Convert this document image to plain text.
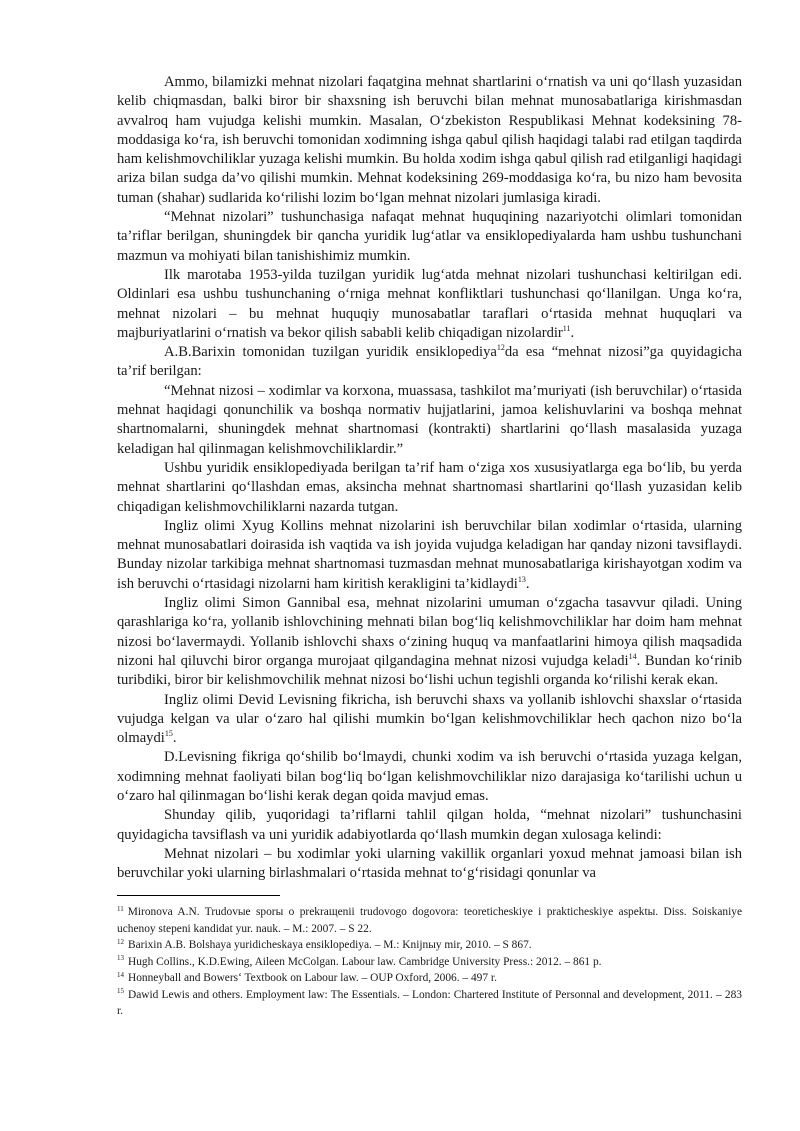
Ammo, bilamizki mehnat nizolari faqatgina mehnat shartlarini o‘rnatish va uni qo‘llash yuzasidan kelib chiqmasdan, balki biror bir shaxsning ish beruvchi bilan mehnat munosabatlariga kirishmasdan avvalroq ham vujudga kelishi mumkin. Masalan, O‘zbekiston Respublikasi Mehnat kodeksining 78-moddasiga ko‘ra, ish beruvchi tomonidan xodimning ishga qabul qilish haqidagi talabi rad etilgan taqdirda ham kelishmovchiliklar yuzaga kelishi mumkin. Bu holda xodim ishga qabul qilish rad etilganligi haqidagi ariza bilan sudga da’vo qilishi mumkin. Mehnat kodeksining 269-moddasiga ko‘ra, bu nizo ham bevosita tuman (shahar) sudlarida ko‘rilishi lozim bo‘lgan mehnat nizolari jumlasiga kiradi.

“Mehnat nizolari” tushunchasiga nafaqat mehnat huquqining nazariyotchi olimlari tomonidan ta’riflar berilgan, shuningdek bir qancha yuridik lug‘atlar va ensiklopediyalarda ham ushbu tushunchani mazmun va mohiyati bilan tanishishimiz mumkin.

Ilk marotaba 1953-yilda tuzilgan yuridik lug‘atda mehnat nizolari tushunchasi keltirilgan edi. Oldinlari esa ushbu tushunchaning o‘rniga mehnat konfliktlari tushunchasi qo‘llanilgan. Unga ko‘ra, mehnat nizolari – bu mehnat huquqiy munosabatlar taraflari o‘rtasida mehnat huquqlari va majburiyatlarini o‘rnatish va bekor qilish sababli kelib chiqadigan nizolardir$^{11}$.

A.B.Barixin tomonidan tuzilgan yuridik ensiklopediya$^{12}$da esa “mehnat nizosi”ga quyidagicha ta’rif berilgan:

“Mehnat nizosi – xodimlar va korxona, muassasa, tashkilot ma’muriyati (ish beruvchilar) o‘rtasida mehnat haqidagi qonunchilik va boshqa normativ hujjatlarini, jamoa kelishuvlarini va boshqa mehnat shartnomalarni, shuningdek mehnat shartnomasi (kontrakti) shartlarini qo‘llash masalasida yuzaga keladigan hal qilinmagan kelishmovchiliklardir.”

Ushbu yuridik ensiklopediyada berilgan ta’rif ham o‘ziga xos xususiyatlarga ega bo‘lib, bu yerda mehnat shartlarini qo‘llashdan emas, aksincha mehnat shartnomasi shartlarini qo‘llash yuzasidan kelib chiqadigan kelishmovchiliklarni nazarda tutgan.

Ingliz olimi Xyug Kollins mehnat nizolarini ish beruvchilar bilan xodimlar o‘rtasida, ularning mehnat munosabatlari doirasida ish vaqtida va ish joyida vujudga keladigan har qanday nizoni tavsiflaydi. Bunday nizolar tarkibiga mehnat shartnomasi tuzmasdan mehnat munosabatlariga kirishayotgan xodim va ish beruvchi o‘rtasidagi nizolarni ham kiritish kerakligini ta’kidlaydi$^{13}$.

Ingliz olimi Simon Gannibal esa, mehnat nizolarini umuman o‘zgacha tasavvur qiladi. Uning qarashlariga ko‘ra, yollanib ishlovchining mehnati bilan bog‘liq kelishmovchiliklar har doim ham mehnat nizosi bo‘lavermaydi. Yollanib ishlovchi shaxs o‘zining huquq va manfaatlarini himoya qilish maqsadida nizoni hal qiluvchi biror organga murojaat qilgandagina mehnat nizosi vujudga keladi$^{14}$. Bundan ko‘rinib turibdiki, biror bir kelishmovchilik mehnat nizosi bo‘lishi uchun tegishli organda ko‘rilishi kerak ekan.

Ingliz olimi Devid Levisning fikricha, ish beruvchi shaxs va yollanib ishlovchi shaxslar o‘rtasida vujudga kelgan va ular o‘zaro hal qilishi mumkin bo‘lgan kelishmovchiliklar hech qachon nizo bo‘la olmaydi$^{15}$.

D.Levisning fikriga qo‘shilib bo‘lmaydi, chunki xodim va ish beruvchi o‘rtasida yuzaga kelgan, xodimning mehnat faoliyati bilan bog‘liq bo‘lgan kelishmovchiliklar nizo darajasiga ko‘tarilishi uchun u o‘zaro hal qilinmagan bo‘lishi kerak degan qoida mavjud emas.

Shunday qilib, yuqoridagi ta’riflarni tahlil qilgan holda, “mehnat nizolari” tushunchasini quyidagicha tavsiflash va uni yuridik adabiyotlarda qo‘llash mumkin degan xulosaga kelindi:

Mehnat nizolari – bu xodimlar yoki ularning vakillik organlari yoxud mehnat jamoasi bilan ish beruvchilar yoki ularning birlashmalari o‘rtasida mehnat to‘g‘risidagi qonunlar va

$^{11}$ Mironova A.N. Trudovыe sporы o prekraщenii trudovogo dogovora: teoreticheskiye i prakticheskiye aspektы. Diss. Soiskaniye uchenoy stepeni kandidat yur. nauk. – M.: 2007. – S 22.

$^{12}$ Barixin A.B. Bolshaya yuridicheskaya ensiklopediya. – M.: Knijnыy mir, 2010. – S 867.

$^{13}$ Hugh Collins., K.D.Ewing, Aileen McColgan. Labour law. Cambridge University Press.: 2012. – 861 p.

$^{14}$ Honneyball and Bowers‘ Textbook on Labour law. – OUP Oxford, 2006. – 497 r.

$^{15}$ Dawid Lewis and others. Employment law: The Essentials. – London: Chartered Institute of Personnal and development, 2011. – 283 r.
